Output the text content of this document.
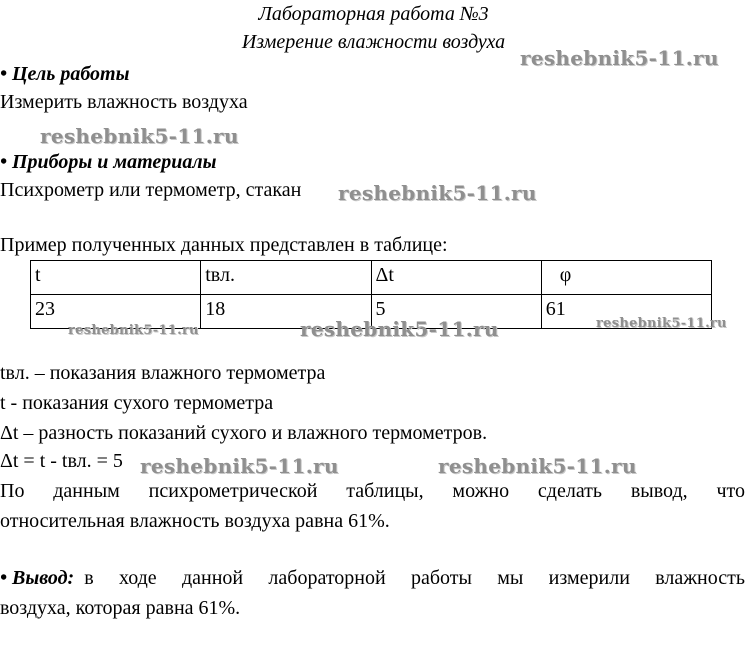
Лабораторная работа №3
Измерение влажности воздуха
• Цель работы
Измерить влажность воздуха
• Приборы и материалы
Психрометр или термометр, стакан
Пример полученных данных представлен в таблице:
t	tвл.	Δt	φ
23	18	5	61
tвл. – показания влажного термометра
t - показания сухого термометра
Δt – разность показаний сухого и влажного термометров.
Δt = t - tвл. = 5
По данным психрометрической таблицы, можно сделать вывод, что
относительная влажность воздуха равна 61%.
• Вывод: в ходе данной лабораторной работы мы измерили влажность
воздуха, которая равна 61%.
reshebnik5-11.ru
reshebnik5-11.ru
reshebnik5-11.ru
reshebnik5-11.ru	reshebnik5-11.ru	reshebnik5-11.ru
reshebnik5-11.ru	reshebnik5-11.ru
